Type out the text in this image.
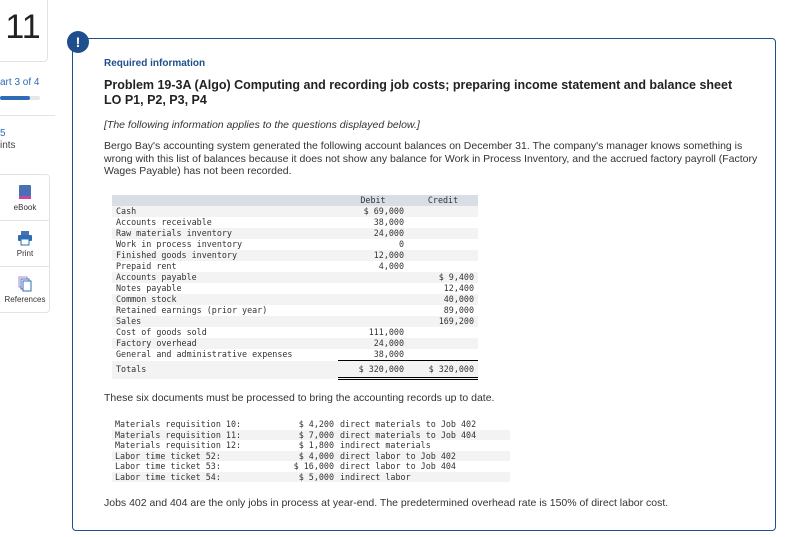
11
art 3 of 4
5
ints
eBook
Print
References
!
Required information
Problem 19-3A (Algo) Computing and recording job costs; preparing income statement and balance sheet LO P1, P2, P3, P4
[The following information applies to the questions displayed below.]
Bergo Bay's accounting system generated the following account balances on December 31. The company's manager knows something is wrong with this list of balances because it does not show any balance for Work in Process Inventory, and the accrued factory payroll (Factory Wages Payable) has not been recorded.
	Debit	Credit
Cash	$ 69,000	
Accounts receivable	38,000	
Raw materials inventory	24,000	
Work in process inventory	0	
Finished goods inventory	12,000	
Prepaid rent	4,000	
Accounts payable		$ 9,400
Notes payable		12,400
Common stock		40,000
Retained earnings (prior year)		89,000
Sales		169,200
Cost of goods sold	111,000	
Factory overhead	24,000	
General and administrative expenses	38,000	
Totals	$ 320,000	$ 320,000
These six documents must be processed to bring the accounting records up to date.
Materials requisition 10:	$ 4,200	direct materials to Job 402
Materials requisition 11:	$ 7,000	direct materials to Job 404
Materials requisition 12:	$ 1,800	indirect materials
Labor time ticket 52:	$ 4,000	direct labor to Job 402
Labor time ticket 53:	$ 16,000	direct labor to Job 404
Labor time ticket 54:	$ 5,000	indirect labor
Jobs 402 and 404 are the only jobs in process at year-end. The predetermined overhead rate is 150% of direct labor cost.
